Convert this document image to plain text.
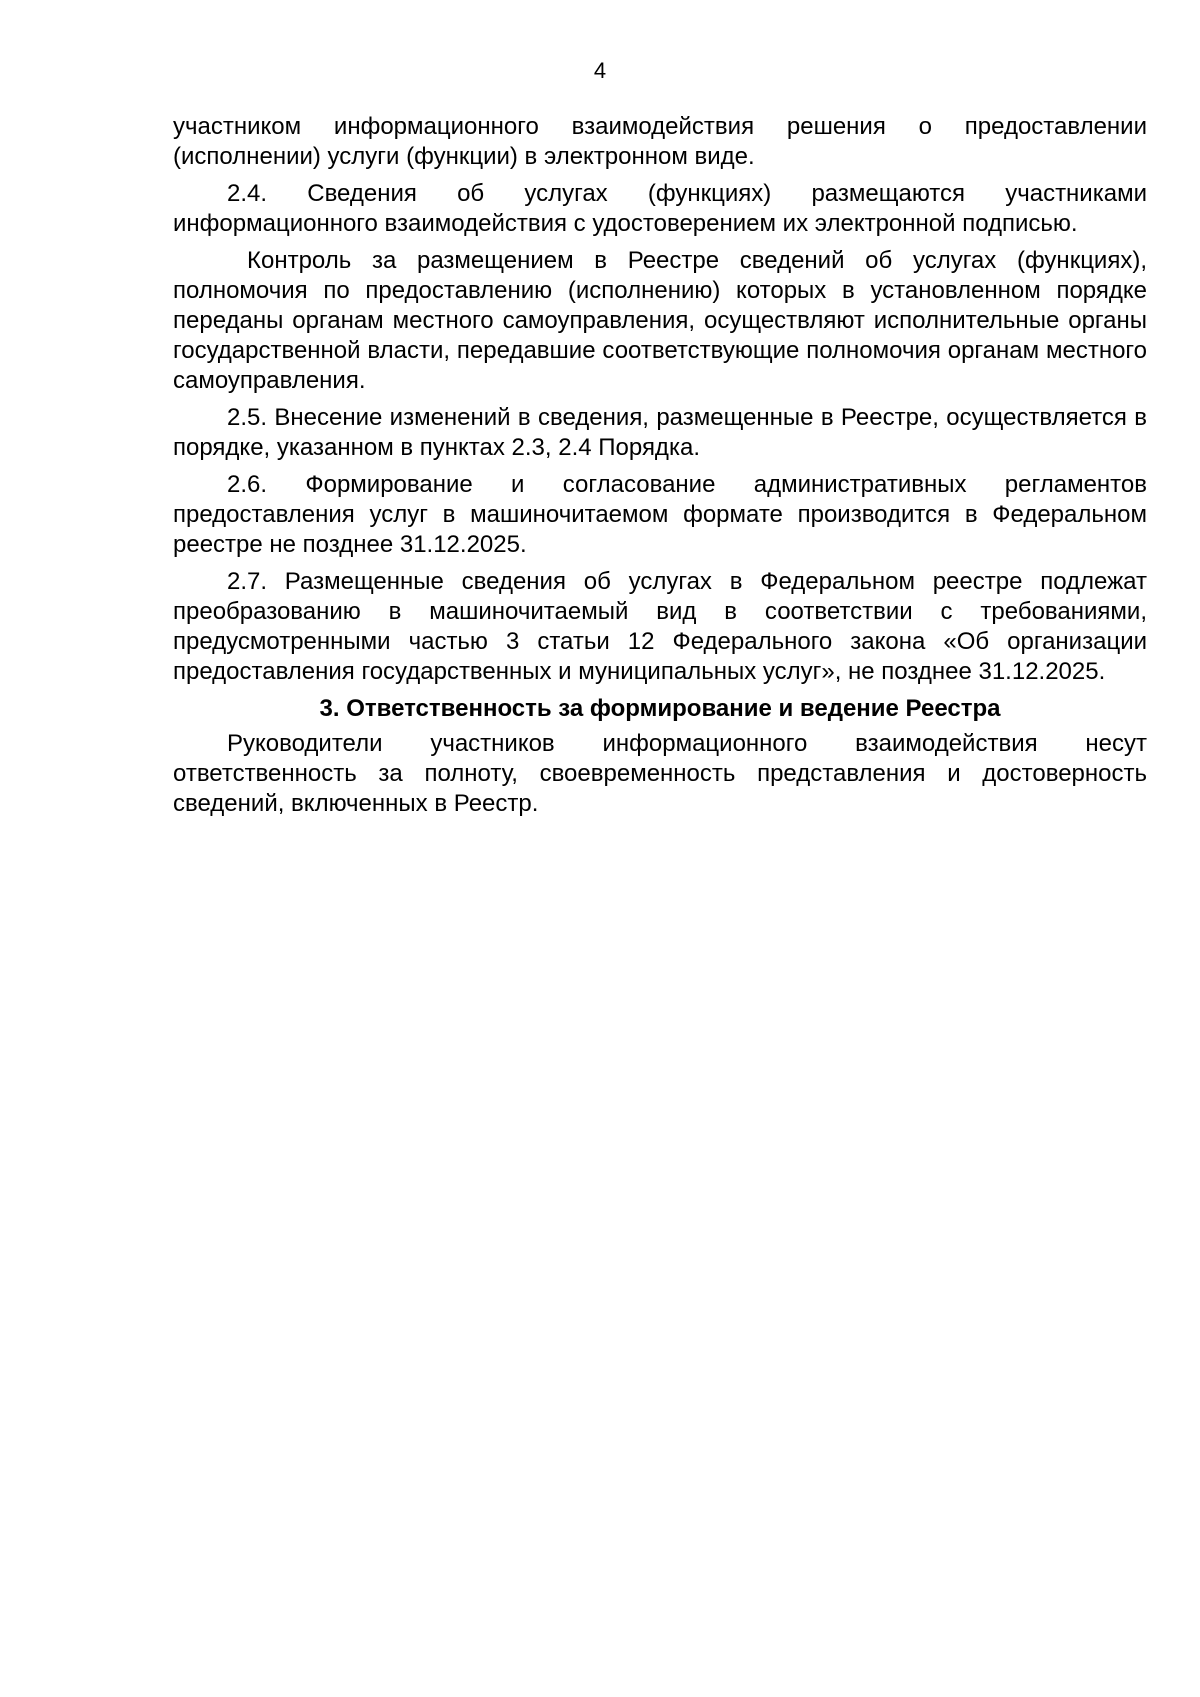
4

участником информационного взаимодействия решения о предоставлении (исполнении) услуги (функции) в электронном виде.

2.4. Сведения об услугах (функциях) размещаются участниками информационного взаимодействия с удостоверением их электронной подписью.

Контроль за размещением в Реестре сведений об услугах (функциях), полномочия по предоставлению (исполнению) которых в установленном порядке переданы органам местного самоуправления, осуществляют исполнительные органы государственной власти, передавшие соответствующие полномочия органам местного самоуправления.

2.5. Внесение изменений в сведения, размещенные в Реестре, осуществляется в порядке, указанном в пунктах 2.3, 2.4 Порядка.

2.6. Формирование и согласование административных регламентов предоставления услуг в машиночитаемом формате производится в Федеральном реестре не позднее 31.12.2025.

2.7. Размещенные сведения об услугах в Федеральном реестре подлежат преобразованию в машиночитаемый вид в соответствии с требованиями, предусмотренными частью 3 статьи 12 Федерального закона «Об организации предоставления государственных и муниципальных услуг», не позднее 31.12.2025.

3. Ответственность за формирование и ведение Реестра

Руководители участников информационного взаимодействия несут ответственность за полноту, своевременность представления и достоверность сведений, включенных в Реестр.
